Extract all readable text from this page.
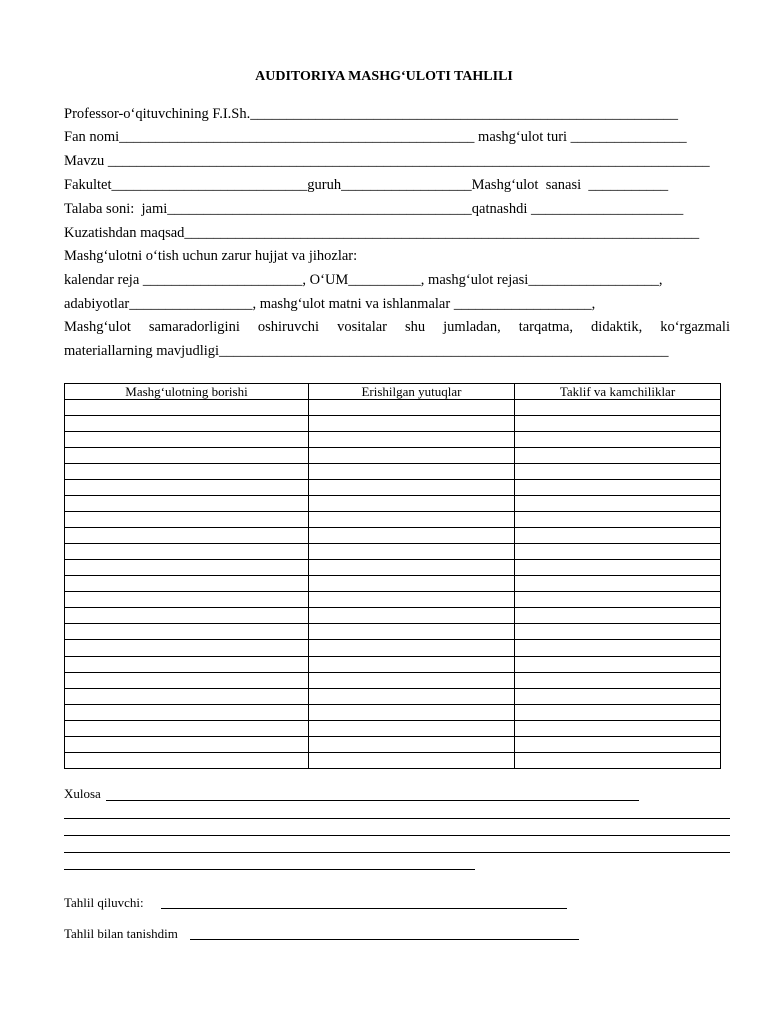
AUDITORIYA MASHG‘ULOTI TAHLILI
Professor-o‘qituvchining F.I.Sh.___________________________________________________________
Fan nomi_________________________________________________ mashg‘ulot turi ________________
Mavzu ___________________________________________________________________________________
Fakultet___________________________guruh__________________Mashg‘ulot  sanasi  ___________
Talaba soni:  jami__________________________________________qatnashdi _____________________
Kuzatishdan maqsad_______________________________________________________________________
Mashg‘ulotni o‘tish uchun zarur hujjat va jihozlar:
kalendar reja ______________________, O‘UM__________, mashg‘ulot rejasi__________________,
adabiyotlar_________________, mashg‘ulot matni va ishlanmalar ___________________,
Mashg‘ulot samaradorligini oshiruvchi vositalar shu jumladan, tarqatma, didaktik, ko‘rgazmali
materiallarning mavjudligi______________________________________________________________
Mashg‘ulotning borishi	Erishilgan yutuqlar	Taklif va kamchiliklar

Xulosa
Tahlil qiluvchi:
Tahlil bilan tanishdim
